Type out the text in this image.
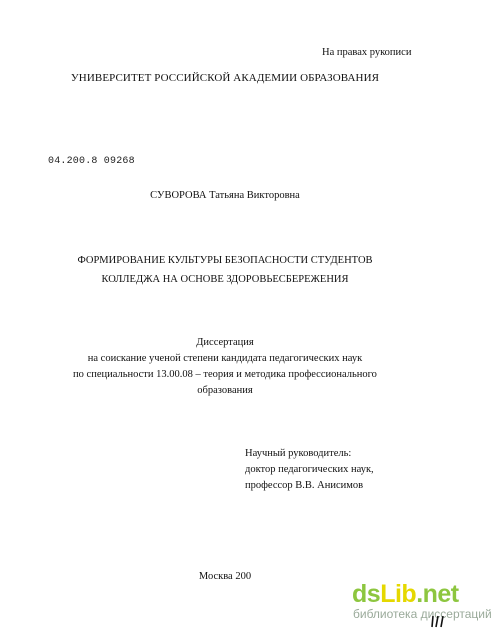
На правах рукописи
УНИВЕРСИТЕТ РОССИЙСКОЙ АКАДЕМИИ ОБРАЗОВАНИЯ
04.200.8 09268
СУВОРОВА Татьяна Викторовна
ФОРМИРОВАНИЕ КУЛЬТУРЫ БЕЗОПАСНОСТИ СТУДЕНТОВ
КОЛЛЕДЖА НА ОСНОВЕ ЗДОРОВЬЕСБЕРЕЖЕНИЯ
Диссертация
на соискание ученой степени кандидата педагогических наук
по специальности 13.00.08 – теория и методика профессионального
образования
Научный руководитель:
доктор педагогических наук,
профессор В.В. Анисимов
Москва 200
dsLib.net
библиотека диссертаций
